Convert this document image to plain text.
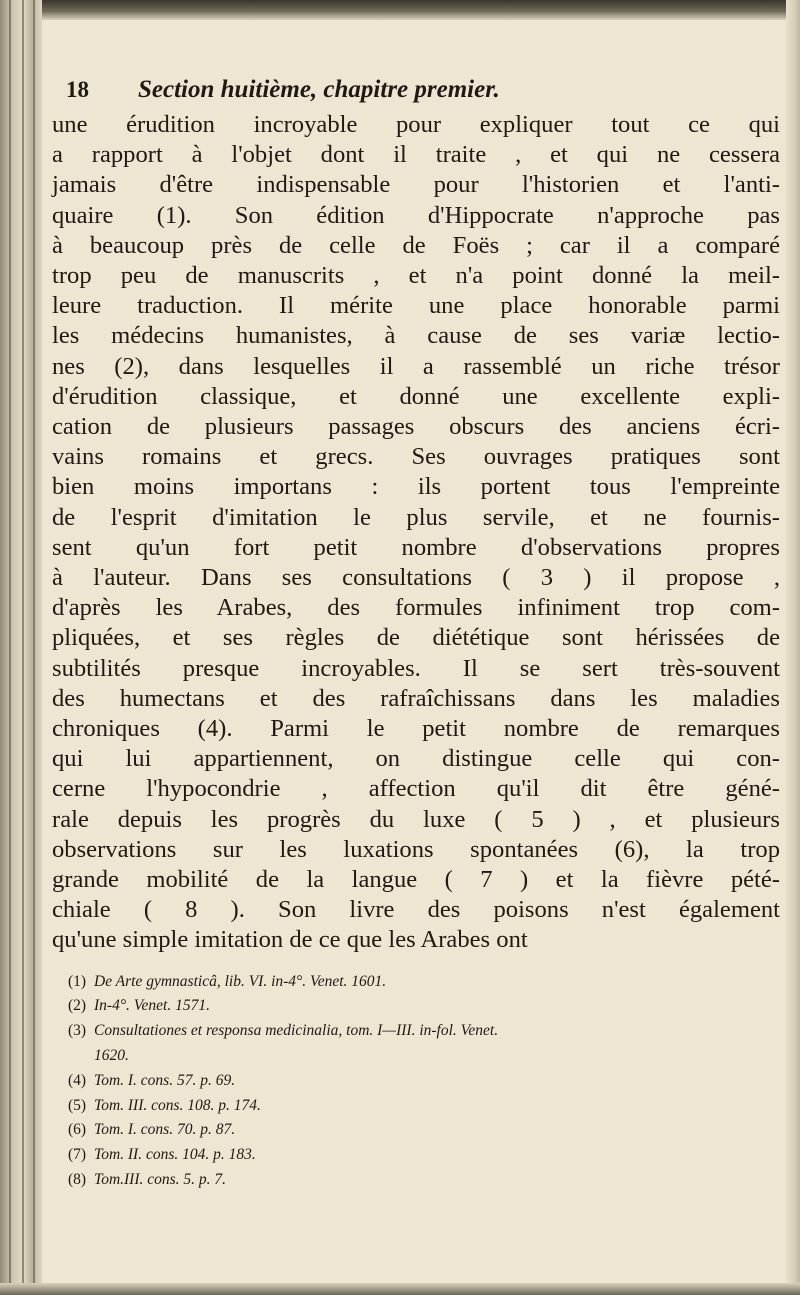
18	Section huitième, chapitre premier.
une érudition incroyable pour expliquer tout ce qui
a rapport à l'objet dont il traite , et qui ne cessera
jamais d'être indispensable pour l'historien et l'anti-
quaire (1). Son édition d'Hippocrate n'approche pas
à beaucoup près de celle de Foës ; car il a comparé
trop peu de manuscrits , et n'a point donné la meil-
leure traduction. Il mérite une place honorable parmi
les médecins humanistes, à cause de ses variæ lectio-
nes (2), dans lesquelles il a rassemblé un riche trésor
d'érudition classique, et donné une excellente expli-
cation de plusieurs passages obscurs des anciens écri-
vains romains et grecs. Ses ouvrages pratiques sont
bien moins importans : ils portent tous l'empreinte
de l'esprit d'imitation le plus servile, et ne fournis-
sent qu'un fort petit nombre d'observations propres
à l'auteur. Dans ses consultations ( 3 ) il propose ,
d'après les Arabes, des formules infiniment trop com-
pliquées, et ses règles de diététique sont hérissées de
subtilités presque incroyables. Il se sert très-souvent
des humectans et des rafraîchissans dans les maladies
chroniques (4). Parmi le petit nombre de remarques
qui lui appartiennent, on distingue celle qui con-
cerne l'hypocondrie , affection qu'il dit être géné-
rale depuis les progrès du luxe ( 5 ) , et plusieurs
observations sur les luxations spontanées (6), la trop
grande mobilité de la langue ( 7 ) et la fièvre pété-
chiale ( 8 ). Son livre des poisons n'est également
qu'une simple imitation de ce que les Arabes ont
(1) De Arte gymnasticâ, lib. VI. in-4°. Venet. 1601.
(2) In-4°. Venet. 1571.
(3) Consultationes et responsa medicinalia, tom. I—III. in-fol. Venet.
1620.
(4) Tom. I. cons. 57. p. 69.
(5) Tom. III. cons. 108. p. 174.
(6) Tom. I. cons. 70. p. 87.
(7) Tom. II. cons. 104. p. 183.
(8) Tom.III. cons. 5. p. 7.
